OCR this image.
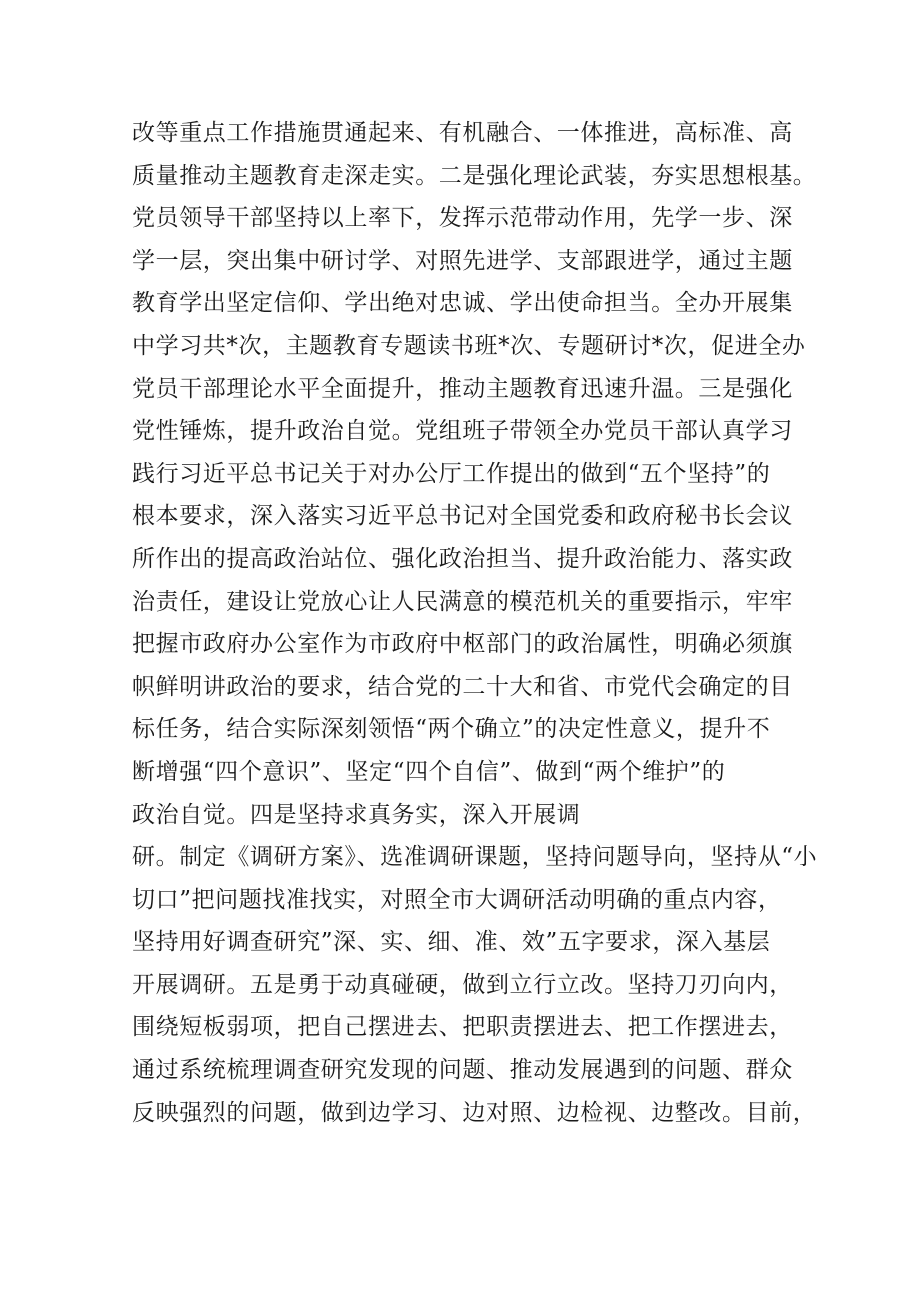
改等重点工作措施贯通起来、有机融合、一体推进，高标准、高
质量推动主题教育走深走实。二是强化理论武装，夯实思想根基。
党员领导干部坚持以上率下，发挥示范带动作用，先学一步、深
学一层，突出集中研讨学、对照先进学、支部跟进学，通过主题
教育学出坚定信仰、学出绝对忠诚、学出使命担当。全办开展集
中学习共*次，主题教育专题读书班*次、专题研讨*次，促进全办
党员干部理论水平全面提升，推动主题教育迅速升温。三是强化
党性锤炼，提升政治自觉。党组班子带领全办党员干部认真学习
践行习近平总书记关于对办公厅工作提出的做到“五个坚持”的
根本要求，深入落实习近平总书记对全国党委和政府秘书长会议
所作出的提高政治站位、强化政治担当、提升政治能力、落实政
治责任，建设让党放心让人民满意的模范机关的重要指示，牢牢
把握市政府办公室作为市政府中枢部门的政治属性，明确必须旗
帜鲜明讲政治的要求，结合党的二十大和省、市党代会确定的目
标任务，结合实际深刻领悟“两个确立”的决定性意义，提升不
断增强“四个意识”、坚定“四个自信”、做到“两个维护”的
政治自觉。四是坚持求真务实，深入开展调
研。制定《调研方案》、选准调研课题，坚持问题导向，坚持从“小
切口”把问题找准找实，对照全市大调研活动明确的重点内容，
坚持用好调查研究”深、实、细、准、效”五字要求，深入基层
开展调研。五是勇于动真碰硬，做到立行立改。坚持刀刃向内，
围绕短板弱项，把自己摆进去、把职责摆进去、把工作摆进去，
通过系统梳理调查研究发现的问题、推动发展遇到的问题、群众
反映强烈的问题，做到边学习、边对照、边检视、边整改。目前，
